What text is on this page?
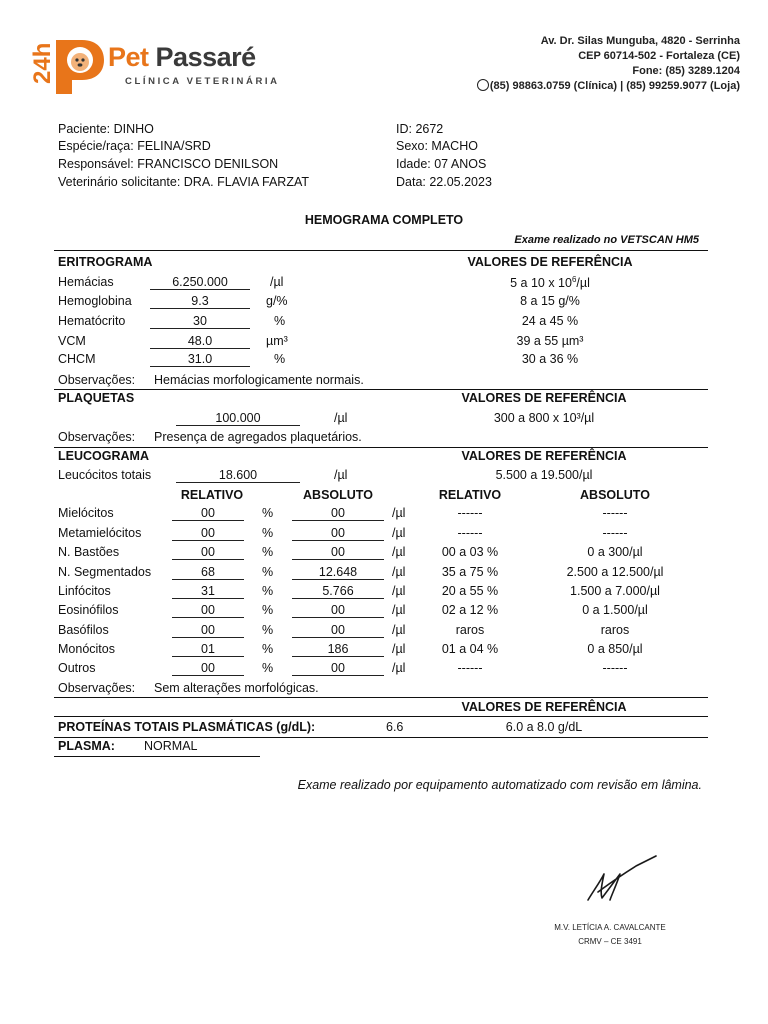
24h Pet Passaré
CLÍNICA VETERINÁRIA
Av. Dr. Silas Munguba, 4820 - Serrinha
CEP 60714-502 - Fortaleza (CE)
Fone: (85) 3289.1204
(85) 98863.0759 (Clínica) | (85) 99259.9077 (Loja)
Paciente: DINHO
Espécie/raça: FELINA/SRD
Responsável: FRANCISCO DENILSON
Veterinário solicitante: DRA. FLAVIA FARZAT
ID: 2672
Sexo: MACHO
Idade: 07 ANOS
Data: 22.05.2023
HEMOGRAMA COMPLETO
Exame realizado no VETSCAN HM5
ERITROGRAMA	VALORES DE REFERÊNCIA
Hemácias	6.250.000	/µl	5 a 10 x $10^6/\mu l$
Hemoglobina	9.3	g/%	8 a 15 g/%
Hematócrito	30	%	24 a 45 %
VCM	48.0	µm³	39 a 55 µm³
CHCM	31.0	%	30 a 36 %
Observações: Hemácias morfologicamente normais.
PLAQUETAS	VALORES DE REFERÊNCIA
100.000	/µl	300 a 800 x 10³/µl
Observações: Presença de agregados plaquetários.
LEUCOGRAMA	VALORES DE REFERÊNCIA
Leucócitos totais	18.600	/µl	5.500 a 19.500/µl
RELATIVO	ABSOLUTO	RELATIVO	ABSOLUTO
Mielócitos	00	%	00	/µl	------	------
Metamielócitos	00	%	00	/µl	------	------
N. Bastões	00	%	00	/µl	00 a 03 %	0 a 300/µl
N. Segmentados	68	%	12.648	/µl	35 a 75 %	2.500 a 12.500/µl
Linfócitos	31	%	5.766	/µl	20 a 55 %	1.500 a 7.000/µl
Eosinófilos	00	%	00	/µl	02 a 12 %	0 a 1.500/µl
Basófilos	00	%	00	/µl	raros	raros
Monócitos	01	%	186	/µl	01 a 04 %	0 a 850/µl
Outros	00	%	00	/µl	------	------
Observações: Sem alterações morfológicas.
VALORES DE REFERÊNCIA
PROTEÍNAS TOTAIS PLASMÁTICAS (g/dL):	6.6	6.0 a 8.0 g/dL
PLASMA: NORMAL
Exame realizado por equipamento automatizado com revisão em lâmina.
M.V. LETÍCIA A. CAVALCANTE
CRMV – CE 3491
